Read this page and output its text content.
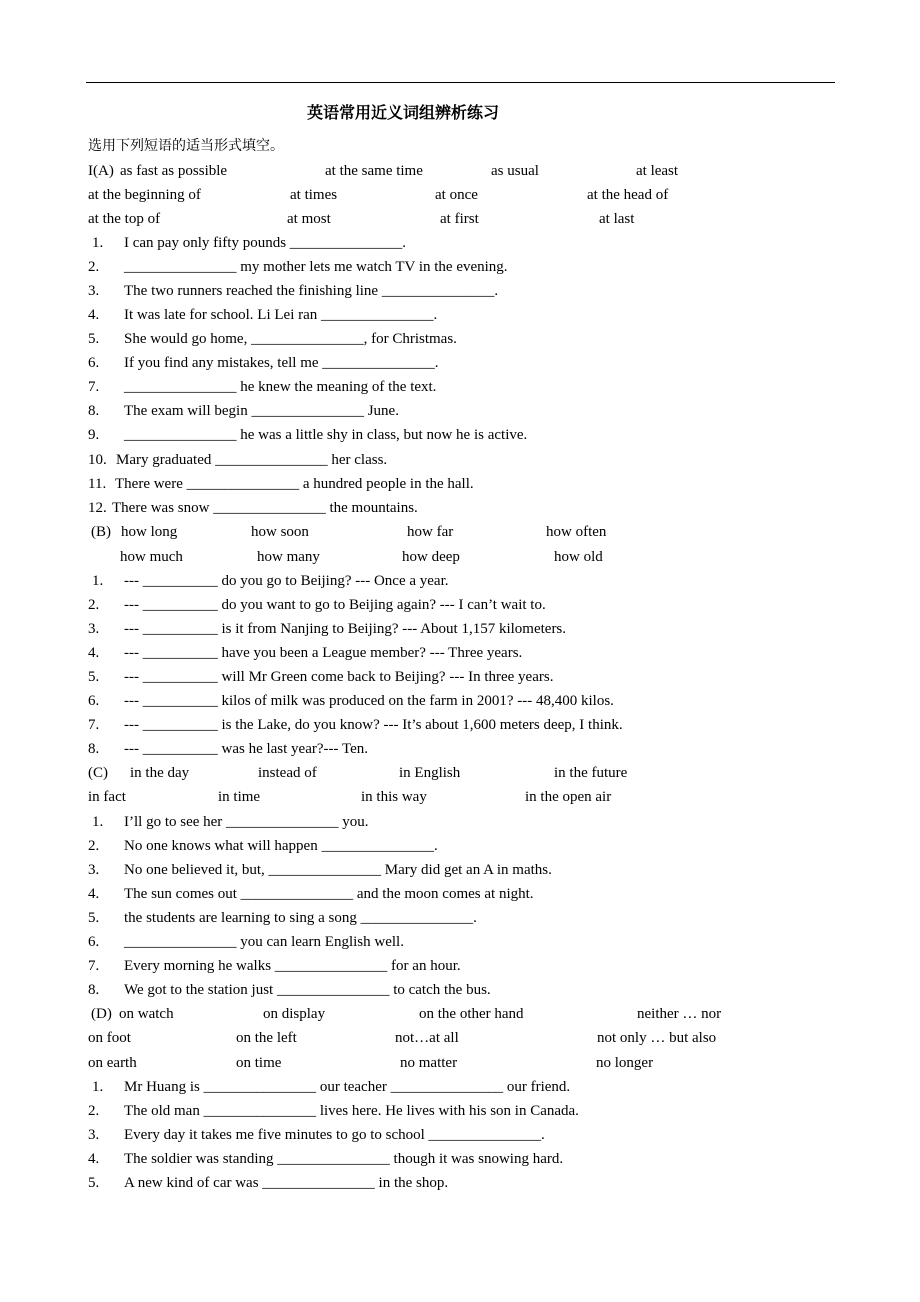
英语常用近义词组辨析练习
选用下列短语的适当形式填空。
I(A) as fast as possible	at the same time	as usual	at least
at the beginning of	at times	at once	at the head of
at the top of	at most	at first	at last
1. I can pay only fifty pounds _______________.
2. _______________ my mother lets me watch TV in the evening.
3. The two runners reached the finishing line _______________.
4. It was late for school. Li Lei ran _______________.
5. She would go home, _______________, for Christmas.
6. If you find any mistakes, tell me _______________.
7. _______________ he knew the meaning of the text.
8. The exam will begin _______________ June.
9. _______________ he was a little shy in class, but now he is active.
10. Mary graduated _______________ her class.
11. There were _______________ a hundred people in the hall.
12. There was snow _______________ the mountains.
(B) how long	how soon	how far	how often
how much	how many	how deep	how old
1. --- __________ do you go to Beijing? --- Once a year.
2. --- __________ do you want to go to Beijing again? --- I can’t wait to.
3. --- __________ is it from Nanjing to Beijing? --- About 1,157 kilometers.
4. --- __________ have you been a League member? --- Three years.
5. --- __________ will Mr Green come back to Beijing? --- In three years.
6. --- __________ kilos of milk was produced on the farm in 2001? --- 48,400 kilos.
7. --- __________ is the Lake, do you know? --- It’s about 1,600 meters deep, I think.
8. --- __________ was he last year?--- Ten.
(C) in the day	instead of	in English	in the future
in fact	in time	in this way	in the open air
1. I’ll go to see her _______________ you.
2. No one knows what will happen _______________.
3. No one believed it, but, _______________ Mary did get an A in maths.
4. The sun comes out _______________ and the moon comes at night.
5. the students are learning to sing a song _______________.
6. _______________ you can learn English well.
7. Every morning he walks _______________ for an hour.
8. We got to the station just _______________ to catch the bus.
(D) on watch	on display	on the other hand	neither … nor
on foot	on the left	not…at all	not only … but also
on earth	on time	no matter	no longer
1. Mr Huang is _______________ our teacher _______________ our friend.
2. The old man _______________ lives here. He lives with his son in Canada.
3. Every day it takes me five minutes to go to school _______________.
4. The soldier was standing _______________ though it was snowing hard.
5. A new kind of car was _______________ in the shop.
